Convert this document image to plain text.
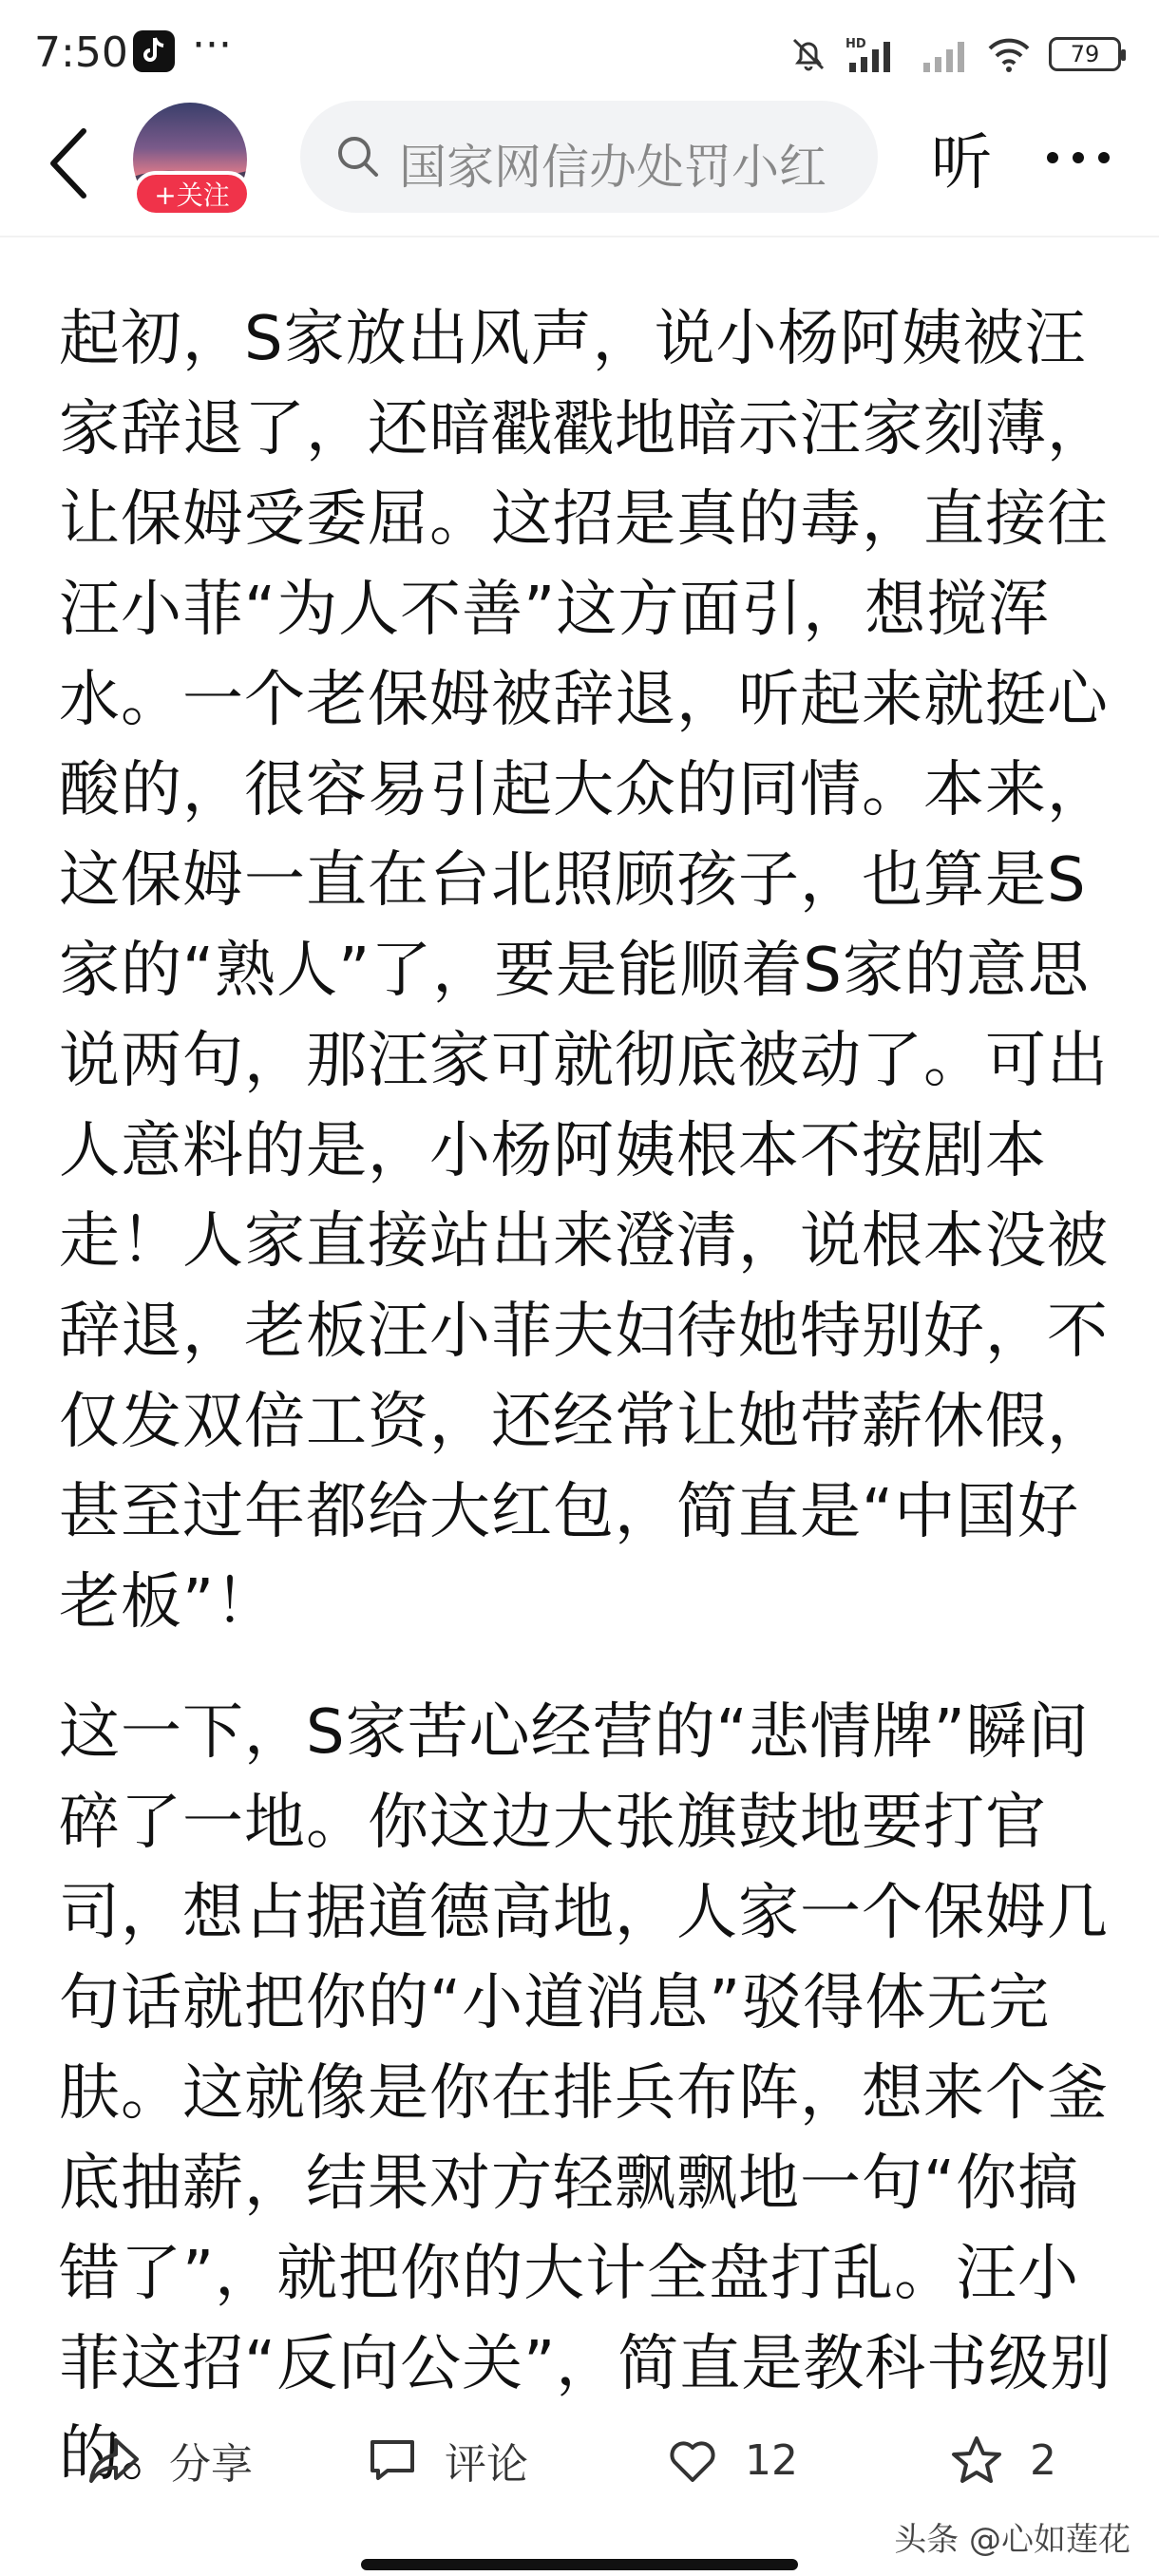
7:50 ···	HD	79
+关注
国家网信办处罚小红 听

起初，S家放出风声，说小杨阿姨被汪家辞退了，还暗戳戳地暗示汪家刻薄，让保姆受委屈。这招是真的毒，直接往汪小菲“为人不善”这方面引，想搅浑水。一个老保姆被辞退，听起来就挺心酸的，很容易引起大众的同情。本来，这保姆一直在台北照顾孩子，也算是S家的“熟人”了，要是能顺着S家的意思说两句，那汪家可就彻底被动了。可出人意料的是，小杨阿姨根本不按剧本走！人家直接站出来澄清，说根本没被辞退，老板汪小菲夫妇待她特别好，不仅发双倍工资，还经常让她带薪休假，甚至过年都给大红包，简直是“中国好老板”！

这一下，S家苦心经营的“悲情牌”瞬间碎了一地。你这边大张旗鼓地要打官司，想占据道德高地，人家一个保姆几句话就把你的“小道消息”驳得体无完肤。这就像是你在排兵布阵，想来个釜底抽薪，结果对方轻飘飘地一句“你搞错了”，就把你的大计全盘打乱。汪小菲这招“反向公关”，简直是教科书级别的。

分享	评论	12	2
头条 @心如莲花
